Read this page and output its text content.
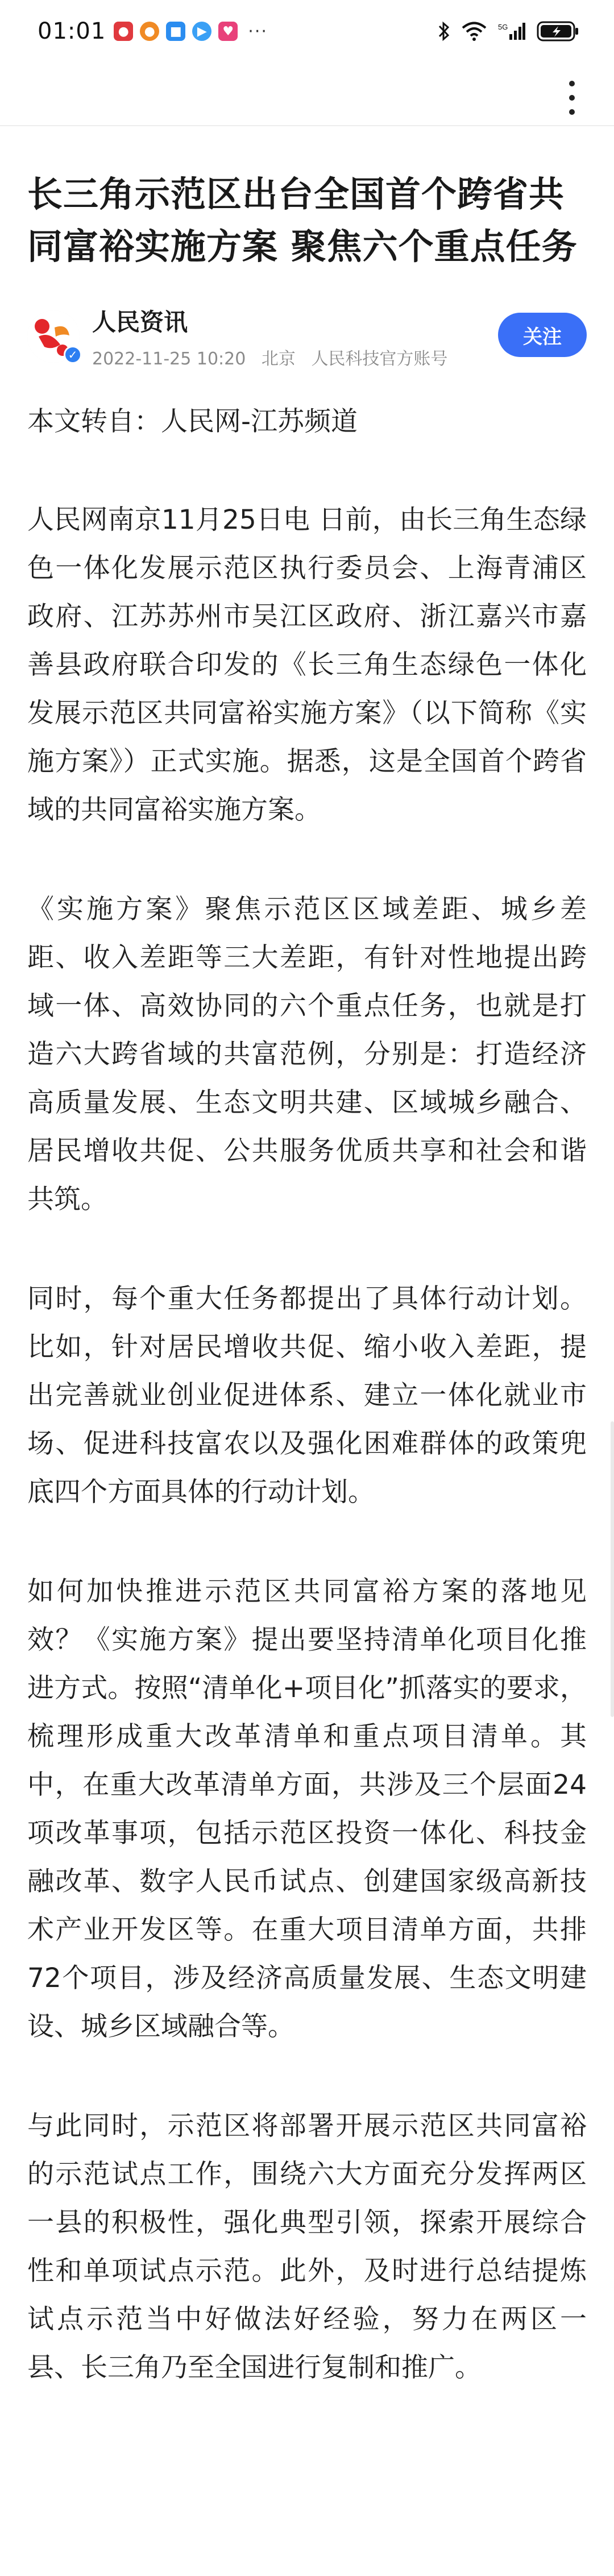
01:01 ●	●	■	▶	♥ ···	5G
长三角示范区出台全国首个跨省共同富裕实施方案 聚焦六个重点任务
✓
人民资讯
2022-11-25 10:20 北京 人民科技官方账号
关注
本文转自：人民网-江苏频道

人民网南京11月25日电 日前，由长三角生态绿色一体化发展示范区执行委员会、上海青浦区政府、江苏苏州市吴江区政府、浙江嘉兴市嘉善县政府联合印发的《长三角生态绿色一体化发展示范区共同富裕实施方案》（以下简称《实施方案》）正式实施。据悉，这是全国首个跨省域的共同富裕实施方案。

《实施方案》聚焦示范区区域差距、城乡差距、收入差距等三大差距，有针对性地提出跨域一体、高效协同的六个重点任务，也就是打造六大跨省域的共富范例，分别是：打造经济高质量发展、生态文明共建、区域城乡融合、居民增收共促、公共服务优质共享和社会和谐共筑。

同时，每个重大任务都提出了具体行动计划。比如，针对居民增收共促、缩小收入差距，提出完善就业创业促进体系、建立一体化就业市场、促进科技富农以及强化困难群体的政策兜底四个方面具体的行动计划。

如何加快推进示范区共同富裕方案的落地见效？《实施方案》提出要坚持清单化项目化推进方式。按照“清单化+项目化”抓落实的要求，梳理形成重大改革清单和重点项目清单。其中，在重大改革清单方面，共涉及三个层面24项改革事项，包括示范区投资一体化、科技金融改革、数字人民币试点、创建国家级高新技术产业开发区等。在重大项目清单方面，共排72个项目，涉及经济高质量发展、生态文明建设、城乡区域融合等。

与此同时，示范区将部署开展示范区共同富裕的示范试点工作，围绕六大方面充分发挥两区一县的积极性，强化典型引领，探索开展综合性和单项试点示范。此外，及时进行总结提炼试点示范当中好做法好经验，努力在两区一县、长三角乃至全国进行复制和推广。
